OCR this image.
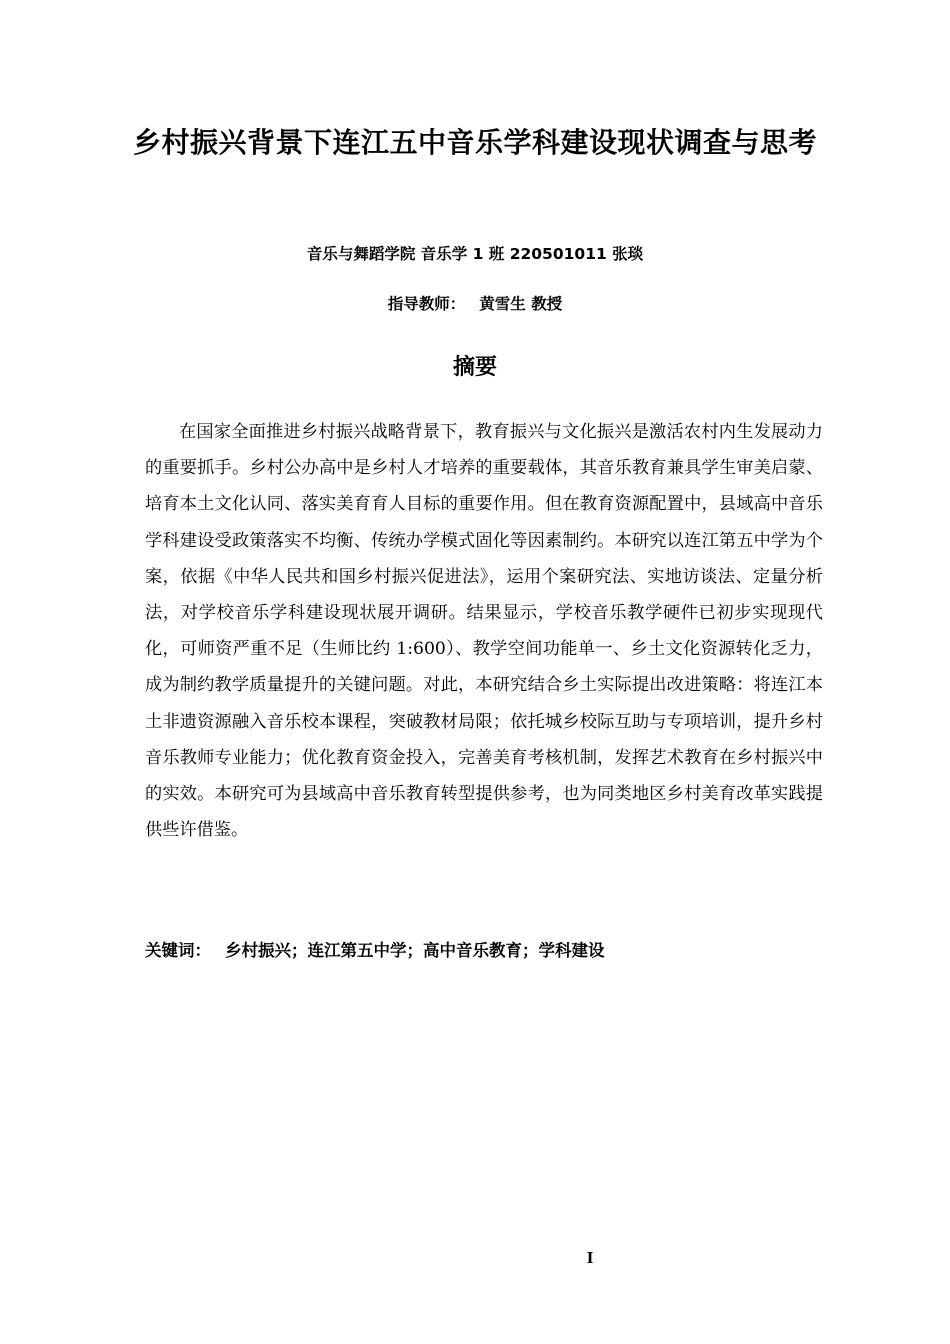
乡村振兴背景下连江五中音乐学科建设现状调查与思考
音乐与舞蹈学院 音乐学 1 班 220501011 张琰
指导教师： 黄雪生 教授
摘要

在国家全面推进乡村振兴战略背景下，教育振兴与文化振兴是激活农村内生发展动力的重要抓手。乡村公办高中是乡村人才培养的重要载体，其音乐教育兼具学生审美启蒙、培育本土文化认同、落实美育育人目标的重要作用。但在教育资源配置中，县域高中音乐学科建设受政策落实不均衡、传统办学模式固化等因素制约。本研究以连江第五中学为个案，依据《中华人民共和国乡村振兴促进法》，运用个案研究法、实地访谈法、定量分析法，对学校音乐学科建设现状展开调研。结果显示，学校音乐教学硬件已初步实现现代化，可师资严重不足（生师比约 1:600）、教学空间功能单一、乡土文化资源转化乏力，成为制约教学质量提升的关键问题。对此，本研究结合乡土实际提出改进策略：将连江本土非遗资源融入音乐校本课程，突破教材局限；依托城乡校际互助与专项培训，提升乡村音乐教师专业能力；优化教育资金投入，完善美育考核机制，发挥艺术教育在乡村振兴中的实效。本研究可为县域高中音乐教育转型提供参考，也为同类地区乡村美育改革实践提供些许借鉴。

关键词： 乡村振兴；连江第五中学；高中音乐教育；学科建设
I
